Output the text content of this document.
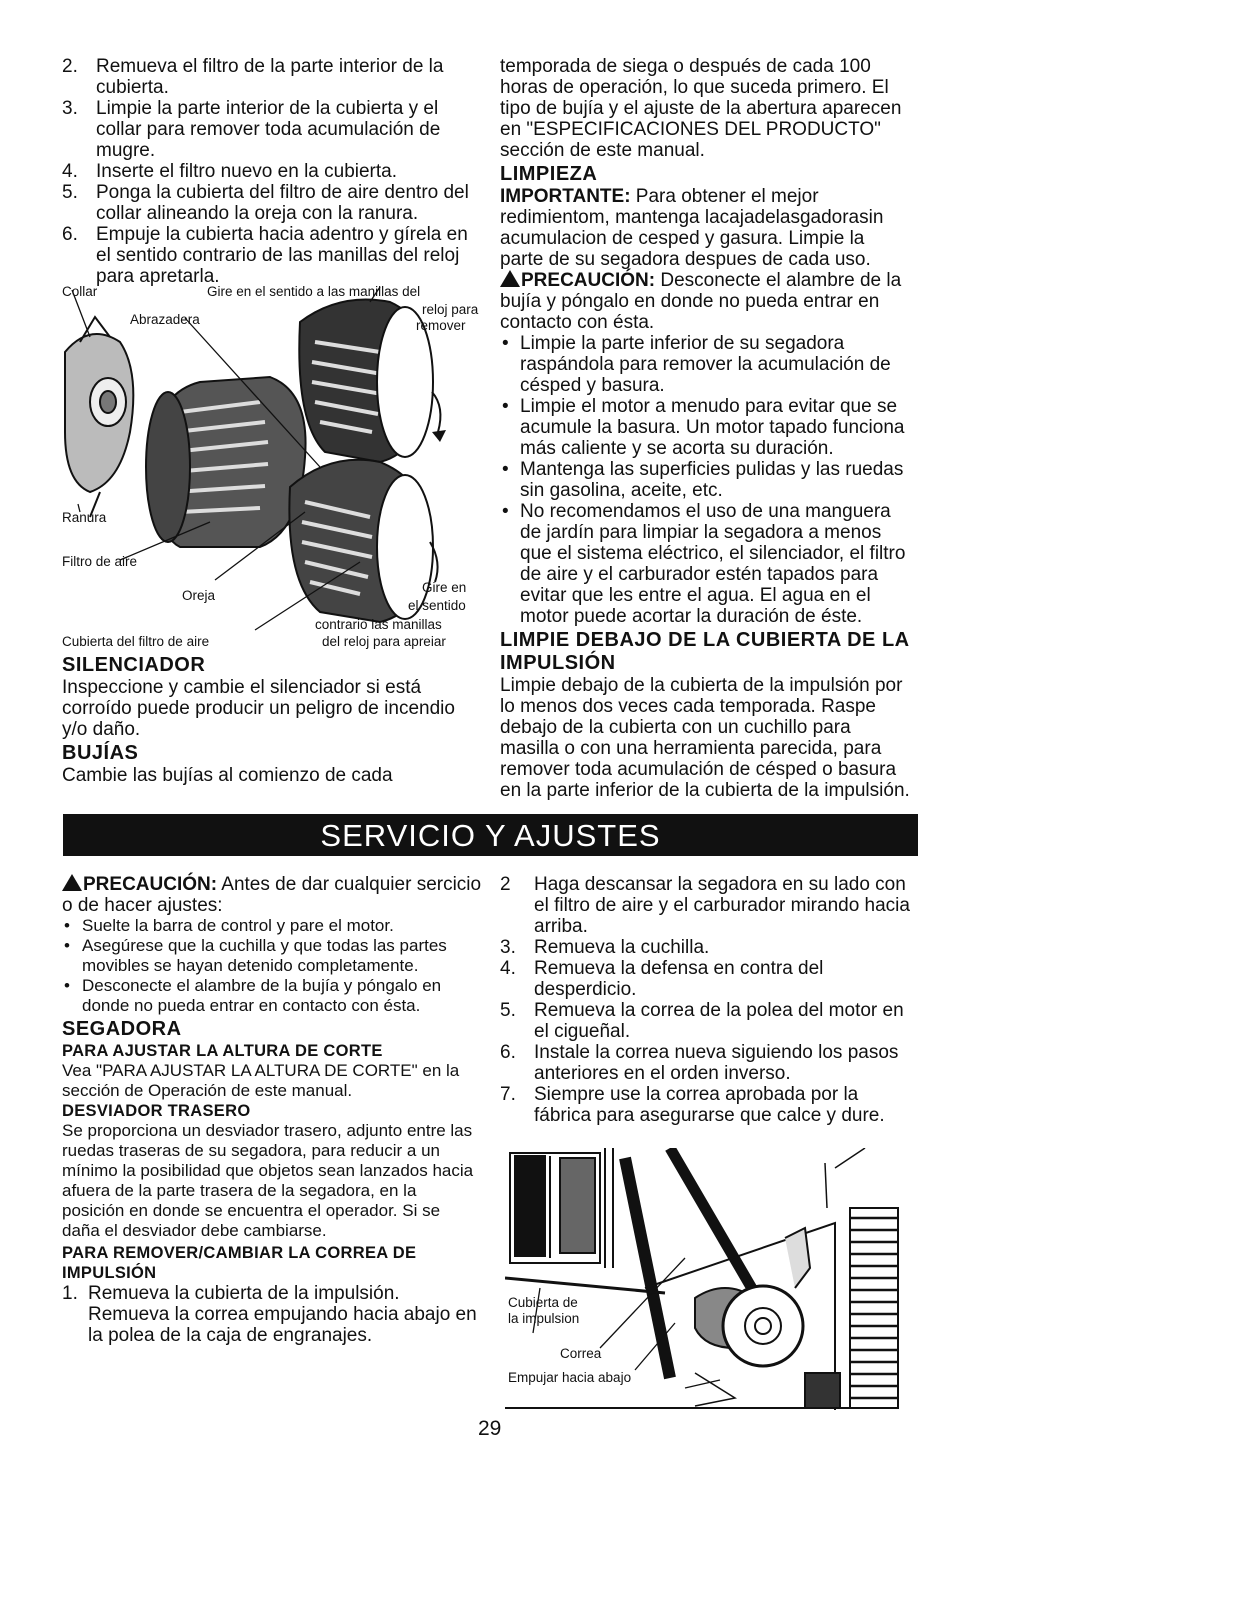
2. Remueva el filtro de la parte interior de la cubierta.
3. Limpie la parte interior de la cubierta y el collar para remover toda acumulación de mugre.
4. Inserte el filtro nuevo en la cubierta.
5. Ponga la cubierta del filtro de aire dentro del collar alineando la oreja con la ranura.
6. Empuje la cubierta hacia adentro y gírela en el sentido contrario de las manillas del reloj para apretarla.
Collar	Gire en el sentido a las manillas del
reloj para
remover
Abrazadera
Ranura
Filtro de aire
Oreja
Gire en
el sentido
contrario las manillas
Cubierta del filtro de aire	del reloj para apreiar
SILENCIADOR

Inspeccione y cambie el silenciador si está corroído puede producir un peligro de incendio y/o daño.

BUJÍAS

Cambie las bujías al comienzo de cada

temporada de siega o después de cada 100 horas de operación, lo que suceda primero. El tipo de bujía y el ajuste de la abertura aparecen en "ESPECIFICACIONES DEL PRODUCTO" sección de este manual.

LIMPIEZA

IMPORTANTE: Para obtener el mejor redimientom, mantenga lacajadelasgadorasin acumulacion de cesped y gasura. Limpie la parte de su segadora despues de cada uso.

PRECAUCIÓN: Desconecte el alambre de la bujía y póngalo en donde no pueda entrar en contacto con ésta.

• Limpie la parte inferior de su segadora raspándola para remover la acumulación de césped y basura.
• Limpie el motor a menudo para evitar que se acumule la basura. Un motor tapado funciona más caliente y se acorta su duración.
• Mantenga las superficies pulidas y las ruedas sin gasolina, aceite, etc.
• No recomendamos el uso de una manguera de jardín para limpiar la segadora a menos que el sistema eléctrico, el silenciador, el filtro de aire y el carburador estén tapados para evitar que les entre el agua. El agua en el motor puede acortar la duración de éste.
LIMPIE DEBAJO DE LA CUBIERTA DE LA IMPULSIÓN

Limpie debajo de la cubierta de la impulsión por lo menos dos veces cada temporada. Raspe debajo de la cubierta con un cuchillo para masilla o con una herramienta parecida, para remover toda acumulación de césped o basura en la parte inferior de la cubierta de la impulsión.

SERVICIO Y AJUSTES

PRECAUCIÓN: Antes de dar cualquier sercicio o de hacer ajustes:

• Suelte la barra de control y pare el motor.
• Asegúrese que la cuchilla y que todas las partes movibles se hayan detenido completamente.
• Desconecte el alambre de la bujía y póngalo en donde no pueda entrar en contacto con ésta.
SEGADORA
PARA AJUSTAR LA ALTURA DE CORTE

Vea "PARA AJUSTAR LA ALTURA DE CORTE" en la sección de Operación de este manual.

DESVIADOR TRASERO

Se proporciona un desviador trasero, adjunto entre las ruedas traseras de su segadora, para reducir a un mínimo la posibilidad que objetos sean lanzados hacia afuera de la parte trasera de la segadora, en la posición en donde se encuentra el operador. Si se daña el desviador debe cambiarse.

PARA REMOVER/CAMBIAR LA CORREA DE IMPULSIÓN
1. Remueva la cubierta de la impulsión. Remueva la correa empujando hacia abajo en la polea de la caja de engranajes.
2	Haga descansar la segadora en su lado con el filtro de aire y el carburador mirando hacia arriba.
3. Remueva la cuchilla.
4. Remueva la defensa en contra del desperdicio.
5. Remueva la correa de la polea del motor en el cigueñal.
6. Instale la correa nueva siguiendo los pasos anteriores en el orden inverso.
7. Siempre use la correa aprobada por la fábrica para asegurarse que calce y dure.
Cubierta de
la impulsion
Correa
Empujar hacia abajo
29
